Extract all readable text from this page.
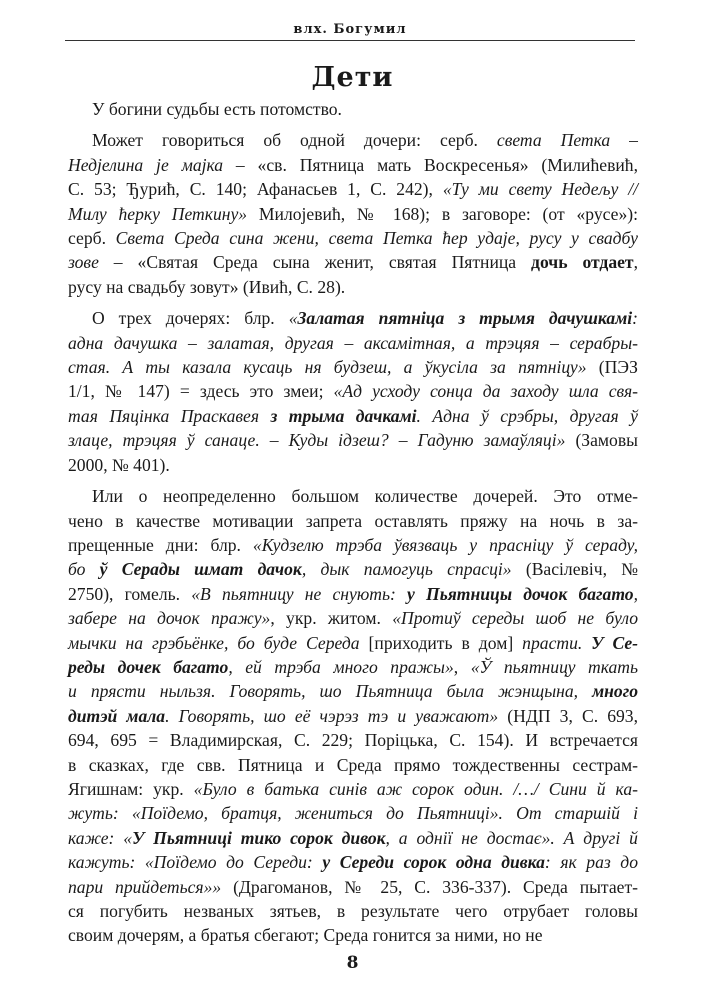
влх. Богумил
Дети

У богини судьбы есть потомство.

Может говориться об одной дочери: серб. света Петка –
Недјелина је мајка – «св. Пятница мать Воскресенья» (Милићевић,
С. 53; Ђурић, С. 140; Афанасьев 1, С. 242), «Ту ми свету Недељу //
Милу ћерку Петкину» Милојевић, № 168); в заговоре: (от «русе»):
серб. Света Среда сина жени, света Петка ћер удаје, русу у свадбу
зове – «Святая Среда сына женит, святая Пятница дочь отдает,
русу на свадьбу зовут» (Ивић, С. 28).

О трех дочерях: блр. «Залатая пятніца з трымя дачушкамі:
адна дачушка – залатая, другая – аксамітная, а трэцяя – серабры-
стая. А ты казала кусаць ня будзеш, а ўкусіла за пятніцу» (ПЭЗ
1/1, № 147) = здесь это змеи; «Ад усходу сонца да заходу шла свя-
тая Пяцінка Праскавея з трыма дачкамі. Адна ў срэбры, другая ў
злаце, трэцяя ў санаце. – Куды ідзеш? – Гадуню замаўляці» (Замовы
2000, № 401).

Или о неопределенно большом количестве дочерей. Это отме-
чено в качестве мотивации запрета оставлять пряжу на ночь в за-
прещенные дни: блр. «Кудзелю трэба ўвязваць у прасніцу ў сераду,
бо ў Серады шмат дачок, дык памогуць спрасці» (Васілевіч, №
2750), гомель. «В пьятницу не снують: у Пьятницы дочок багато,
забере на дочок пражу», укр. житом. «Протиў середы шоб не було
мычки на грэбьёнке, бо буде Середа [приходить в дом] прасти. У Се-
реды дочек багато, ей трэба много пражы», «Ў пьятницу ткать
и прясти ныльзя. Говорять, шо Пьятница была жэнщына, много
дитэй мала. Говорять, шо её чэрэз тэ и уважают» (НДП 3, С. 693,
694, 695 = Владимирская, С. 229; Порiцька, С. 154). И встречается
в сказках, где свв. Пятница и Среда прямо тождественны сестрам-
Ягишнам: укр. «Було в батька синiв аж сорок один. /…/ Сини й ка-
жуть: «Поїдемо, братця, женитьcя до Пьятницi». От старшiй i
каже: «У Пьятницi тико сорок дивок, а однiї не достає». А другi й
кажуть: «Поїдемо до Середи: у Середи сорок одна дивка: як раз до
пари прийдеться»» (Драгоманов, № 25, С. 336-337). Среда пытает-
ся погубить незваных зятьев, в результате чего отрубает головы
своим дочерям, а братья сбегают; Среда гонится за ними, но не

8
